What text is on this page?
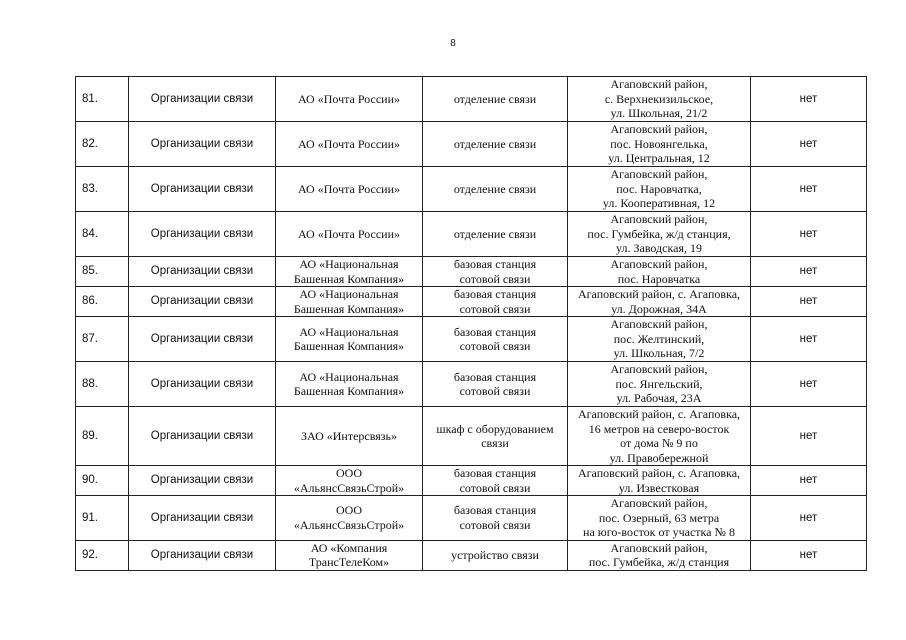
8
81.	Организации связи	АО «Почта России»	отделение связи	Агаповский район,
с. Верхнекизильское,
ул. Школьная, 21/2	нет
82.	Организации связи	АО «Почта России»	отделение связи	Агаповский район,
пос. Новоянгелька,
ул. Центральная, 12	нет
83.	Организации связи	АО «Почта России»	отделение связи	Агаповский район,
пос. Наровчатка,
ул. Кооперативная, 12	нет
84.	Организации связи	АО «Почта России»	отделение связи	Агаповский район,
пос. Гумбейка, ж/д станция,
ул. Заводская, 19	нет
85.	Организации связи	АО «Национальная
Башенная Компания»	базовая станция
сотовой связи	Агаповский район,
пос. Наровчатка	нет
86.	Организации связи	АО «Национальная
Башенная Компания»	базовая станция
сотовой связи	Агаповский район, с. Агаповка,
ул. Дорожная, 34А	нет
87.	Организации связи	АО «Национальная
Башенная Компания»	базовая станция
сотовой связи	Агаповский район,
пос. Желтинский,
ул. Школьная, 7/2	нет
88.	Организации связи	АО «Национальная
Башенная Компания»	базовая станция
сотовой связи	Агаповский район,
пос. Янгельский,
ул. Рабочая, 23А	нет
89.	Организации связи	ЗАО «Интерсвязь»	шкаф с оборудованием
связи	Агаповский район, с. Агаповка,
16 метров на северо-восток
от дома № 9 по
ул. Правобережной	нет
90.	Организации связи	ООО
«АльянсСвязьСтрой»	базовая станция
сотовой связи	Агаповский район, с. Агаповка,
ул. Известковая	нет
91.	Организации связи	ООО
«АльянсСвязьСтрой»	базовая станция
сотовой связи	Агаповский район,
пос. Озерный, 63 метра
на юго-восток от участка № 8	нет
92.	Организации связи	АО «Компания
ТрансТелеКом»	устройство связи	Агаповский район,
пос. Гумбейка, ж/д станция	нет
